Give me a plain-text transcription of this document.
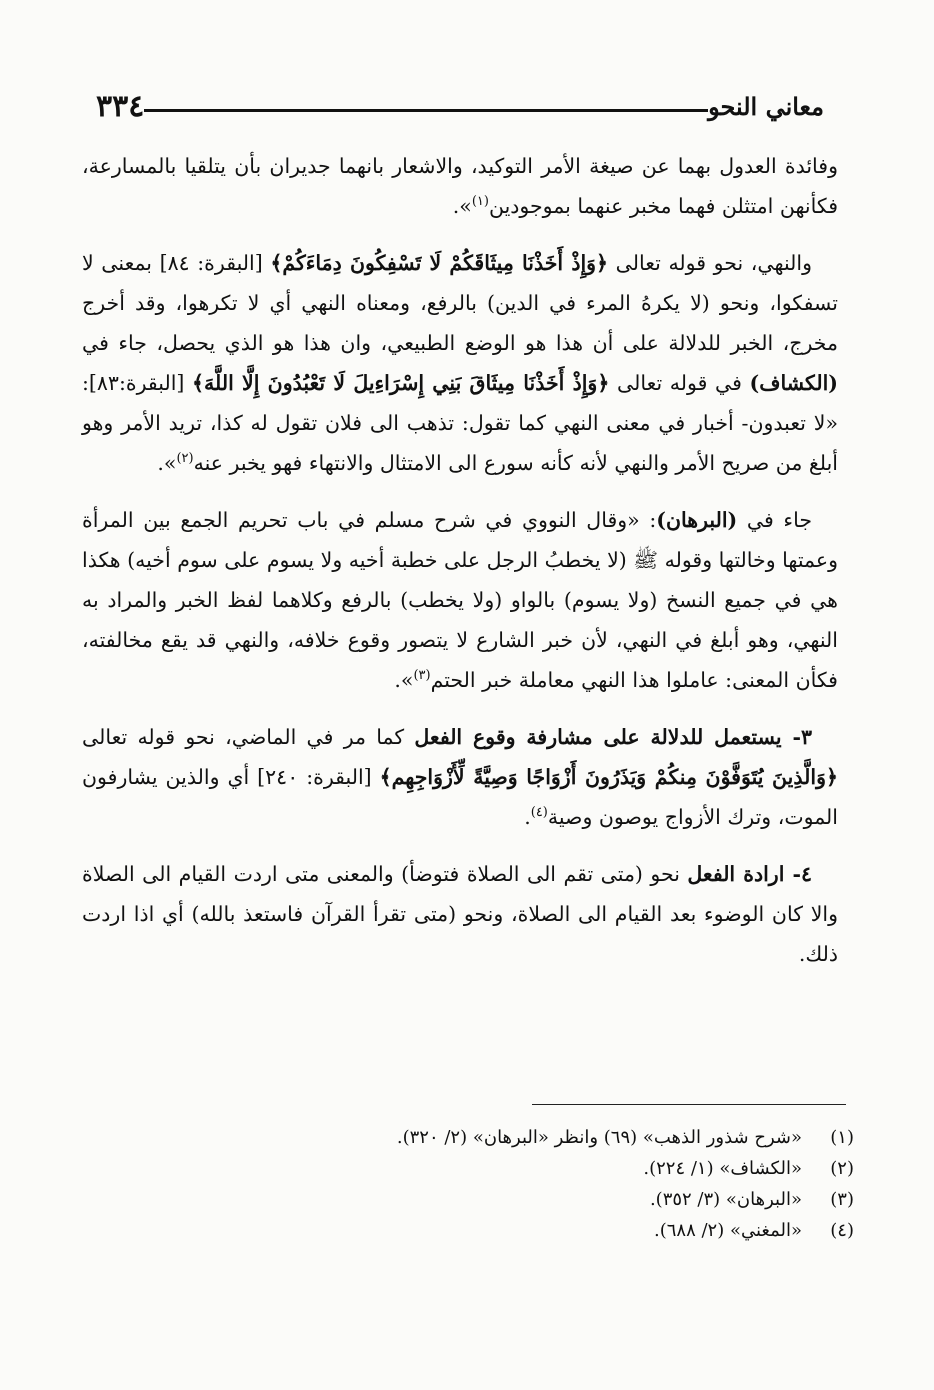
معاني النحو
٣٣٤

وفائدة العدول بهما عن صيغة الأمر التوكيد، والاشعار بانهما جديران بأن يتلقيا بالمسارعة، فكأنهن امتثلن فهما مخبر عنهما بموجودين$^{(١)}$».

والنهي، نحو قوله تعالى ﴿وَإِذْ أَخَذْنَا مِيثَاقَكُمْ لَا تَسْفِكُونَ دِمَاءَكُمْ﴾ [البقرة: ٨٤] بمعنى لا تسفكوا، ونحو (لا يكرهُ المرء في الدين) بالرفع، ومعناه النهي أي لا تكرهوا، وقد أخرج مخرج، الخبر للدلالة على أن هذا هو الوضع الطبيعي، وان هذا هو الذي يحصل، جاء في (الكشاف) في قوله تعالى ﴿وَإِذْ أَخَذْنَا مِيثَاقَ بَنِي إِسْرَاءِيلَ لَا تَعْبُدُونَ إِلَّا اللَّهَ﴾ [البقرة:٨٣]: «لا تعبدون- أخبار في معنى النهي كما تقول: تذهب الى فلان تقول له كذا، تريد الأمر وهو أبلغ من صريح الأمر والنهي لأنه كأنه سورع الى الامتثال والانتهاء فهو يخبر عنه$^{(٢)}$».

جاء في (البرهان): «وقال النووي في شرح مسلم في باب تحريم الجمع بين المرأة وعمتها وخالتها وقوله ﷺ (لا يخطبُ الرجل على خطبة أخيه ولا يسوم على سوم أخيه) هكذا هي في جميع النسخ (ولا يسوم) بالواو (ولا يخطب) بالرفع وكلاهما لفظ الخبر والمراد به النهي، وهو أبلغ في النهي، لأن خبر الشارع لا يتصور وقوع خلافه، والنهي قد يقع مخالفته، فكأن المعنى: عاملوا هذا النهي معاملة خبر الحتم$^{(٣)}$».

٣- يستعمل للدلالة على مشارفة وقوع الفعل كما مر في الماضي، نحو قوله تعالى ﴿وَالَّذِينَ يُتَوَفَّوْنَ مِنكُمْ وَيَذَرُونَ أَزْوَاجًا وَصِيَّةً لِّأَزْوَاجِهِم﴾ [البقرة: ٢٤٠] أي والذين يشارفون الموت، وترك الأزواج يوصون وصية$^{(٤)}$.

٤- ارادة الفعل نحو (متى تقم الى الصلاة فتوضأ) والمعنى متى اردت القيام الى الصلاة والا كان الوضوء بعد القيام الى الصلاة، ونحو (متى تقرأ القرآن فاستعذ بالله) أي اذا اردت ذلك.

(١)
«شرح شذور الذهب» (٦٩) وانظر «البرهان» (٢/ ٣٢٠).
(٢)
«الكشاف» (١/ ٢٢٤).
(٣)
«البرهان» (٣/ ٣٥٢).
(٤)
«المغني» (٢/ ٦٨٨).
